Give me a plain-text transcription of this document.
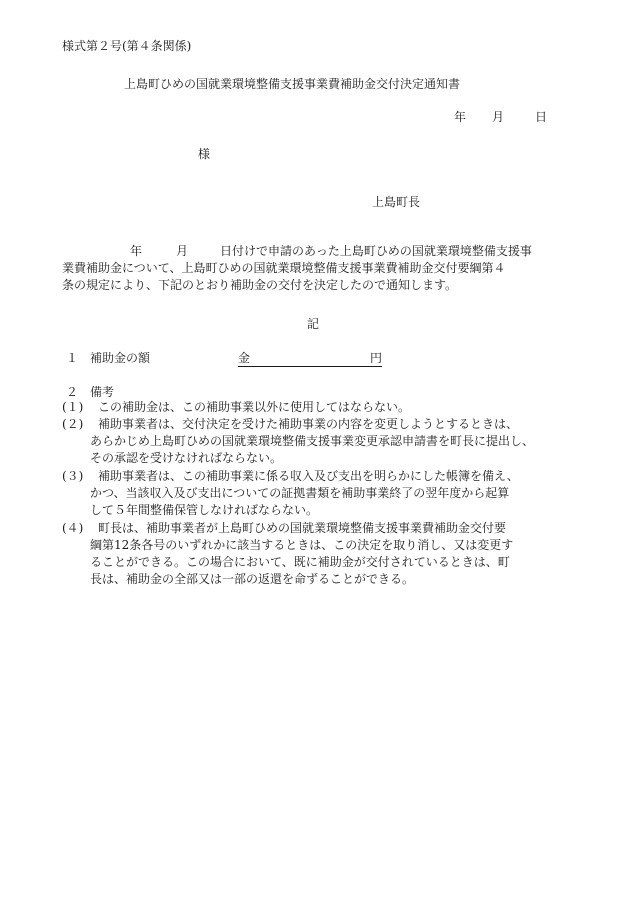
様式第２号(第４条関係)
上島町ひめの国就業環境整備支援事業費補助金交付決定通知書
年 月	日
様
上島町長
年	月	日付けで申請のあった上島町ひめの国就業環境整備支援事
業費補助金について、上島町ひめの国就業環境整備支援事業費補助金交付要綱第４
条の規定により、下記のとおり補助金の交付を決定したので通知します。
記
１ 補助金の額	金	円
２ 備考
(１)	この補助金は、この補助事業以外に使用してはならない。
(２)	補助事業者は、交付決定を受けた補助事業の内容を変更しようとするときは、
あらかじめ上島町ひめの国就業環境整備支援事業変更承認申請書を町長に提出し、
その承認を受けなければならない。
(３)	補助事業者は、この補助事業に係る収入及び支出を明らかにした帳簿を備え、
かつ、当該収入及び支出についての証拠書類を補助事業終了の翌年度から起算
して５年間整備保管しなければならない。
(４)	町長は、補助事業者が上島町ひめの国就業環境整備支援事業費補助金交付要
綱第12条各号のいずれかに該当するときは、この決定を取り消し、又は変更す
ることができる。この場合において、既に補助金が交付されているときは、町
長は、補助金の全部又は一部の返還を命ずることができる。
